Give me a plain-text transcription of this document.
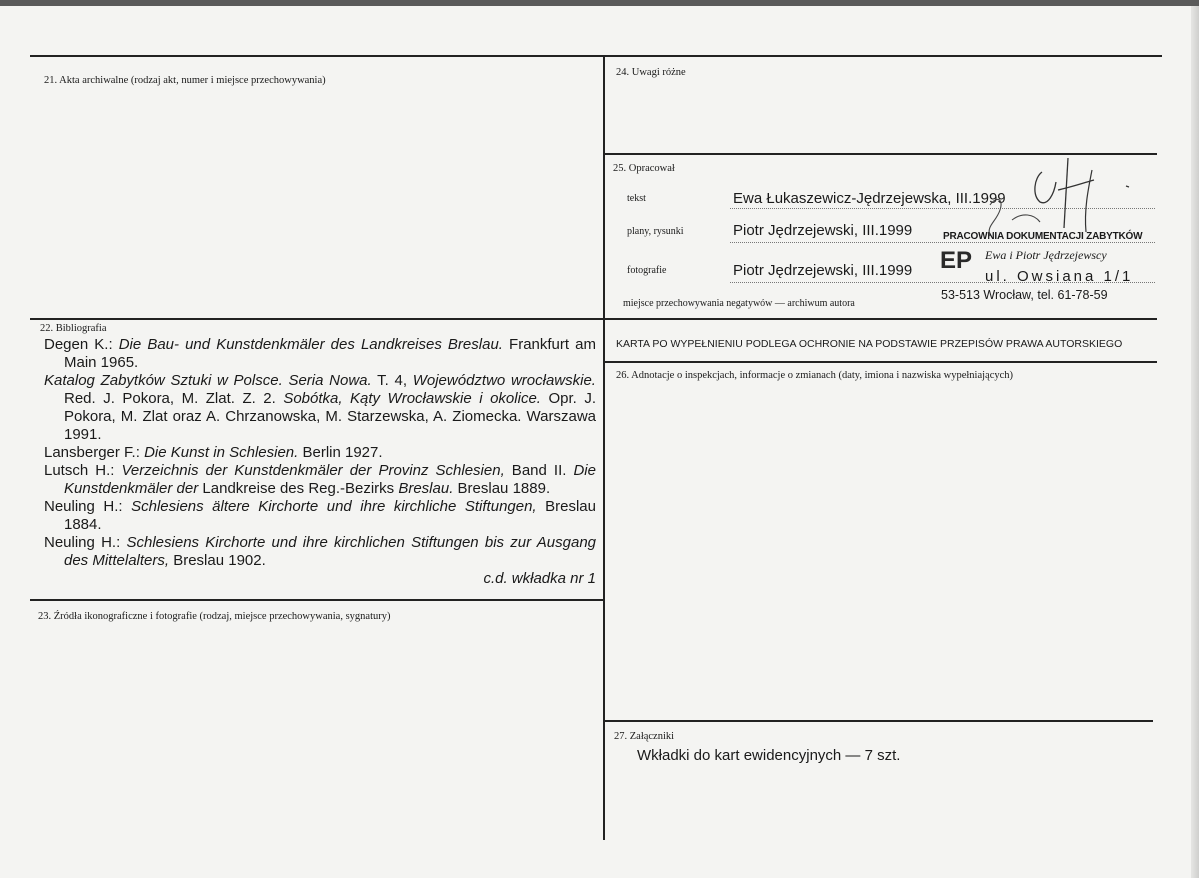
21. Akta archiwalne (rodzaj akt, numer i miejsce przechowywania)
22. Bibliografia

Degen K.: Die Bau- und Kunstdenkmäler des Landkreises Breslau. Frankfurt am Main 1965.

Katalog Zabytków Sztuki w Polsce. Seria Nowa. T. 4, Województwo wrocławskie. Red. J. Pokora, M. Zlat. Z. 2. Sobótka, Kąty Wrocławskie i okolice. Opr. J. Pokora, M. Zlat oraz A. Chrzanowska, M. Starzewska, A. Ziomecka. Warszawa 1991.

Lansberger F.: Die Kunst in Schlesien. Berlin 1927.

Lutsch H.: Verzeichnis der Kunstdenkmäler der Provinz Schlesien, Band II. Die Kunstdenkmäler der Landkreise des Reg.-Bezirks Breslau. Breslau 1889.

Neuling H.: Schlesiens ältere Kirchorte und ihre kirchliche Stiftungen, Breslau 1884.

Neuling H.: Schlesiens Kirchorte und ihre kirchlichen Stiftungen bis zur Ausgang des Mittelalters, Breslau 1902.

c.d. wkładka nr 1

23. Źródła ikonograficzne i fotografie (rodzaj, miejsce przechowywania, sygnatury)
24. Uwagi różne
25. Opracował
tekst	Ewa Łukaszewicz-Jędrzejewska, III.1999
plany, rysunki	Piotr Jędrzejewski, III.1999
fotografie	Piotr Jędrzejewski, III.1999
miejsce przechowywania negatywów — archiwum autora
PRACOWNIA DOKUMENTACJI ZABYTKÓW
EP Ewa i Piotr Jędrzejewscy
ul. Owsiana 1/1
53-513 Wrocław, tel. 61-78-59
KARTA PO WYPEŁNIENIU PODLEGA OCHRONIE NA PODSTAWIE PRZEPISÓW PRAWA AUTORSKIEGO
26. Adnotacje o inspekcjach, informacje o zmianach (daty, imiona i nazwiska wypełniających)
27. Załączniki
Wkładki do kart ewidencyjnych — 7 szt.
